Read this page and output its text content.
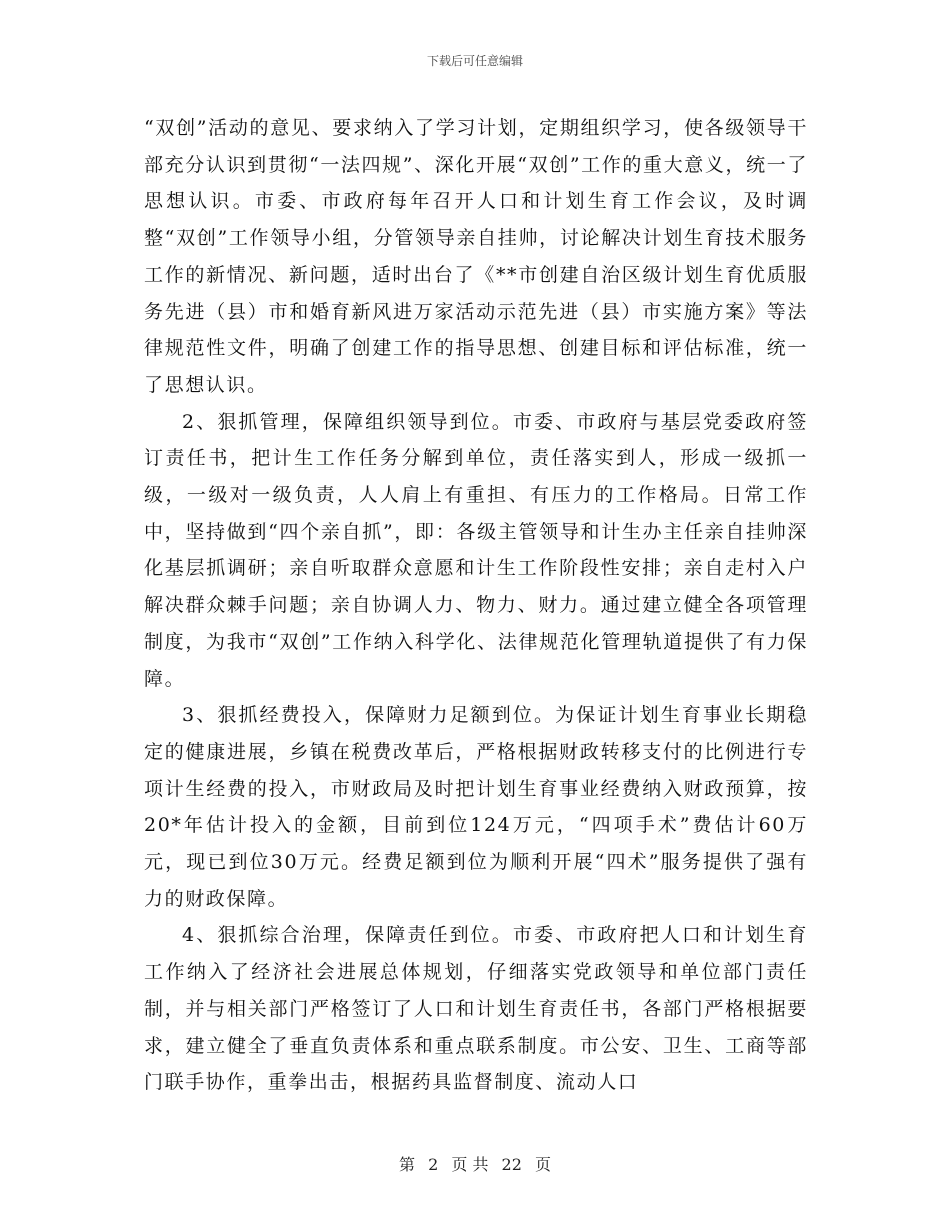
下载后可任意编辑

“双创”活动的意见、要求纳入了学习计划，定期组织学习，使各级领导干部充分认识到贯彻“一法四规”、深化开展“双创”工作的重大意义，统一了思想认识。市委、市政府每年召开人口和计划生育工作会议，及时调整“双创”工作领导小组，分管领导亲自挂帅，讨论解决计划生育技术服务工作的新情况、新问题，适时出台了《**市创建自治区级计划生育优质服务先进（县）市和婚育新风进万家活动示范先进（县）市实施方案》等法律规范性文件，明确了创建工作的指导思想、创建目标和评估标准，统一了思想认识。

2、狠抓管理，保障组织领导到位。市委、市政府与基层党委政府签订责任书，把计生工作任务分解到单位，责任落实到人，形成一级抓一级，一级对一级负责，人人肩上有重担、有压力的工作格局。日常工作中，坚持做到“四个亲自抓”，即：各级主管领导和计生办主任亲自挂帅深化基层抓调研；亲自听取群众意愿和计生工作阶段性安排；亲自走村入户解决群众棘手问题；亲自协调人力、物力、财力。通过建立健全各项管理制度，为我市“双创”工作纳入科学化、法律规范化管理轨道提供了有力保障。

3、狠抓经费投入，保障财力足额到位。为保证计划生育事业长期稳定的健康进展，乡镇在税费改革后，严格根据财政转移支付的比例进行专项计生经费的投入，市财政局及时把计划生育事业经费纳入财政预算，按20*年估计投入的金额，目前到位124万元，“四项手术”费估计60万元，现已到位30万元。经费足额到位为顺利开展“四术”服务提供了强有力的财政保障。

4、狠抓综合治理，保障责任到位。市委、市政府把人口和计划生育工作纳入了经济社会进展总体规划，仔细落实党政领导和单位部门责任制，并与相关部门严格签订了人口和计划生育责任书，各部门严格根据要求，建立健全了垂直负责体系和重点联系制度。市公安、卫生、工商等部门联手协作，重拳出击，根据药具监督制度、流动人口

第 2 页 共 22 页
